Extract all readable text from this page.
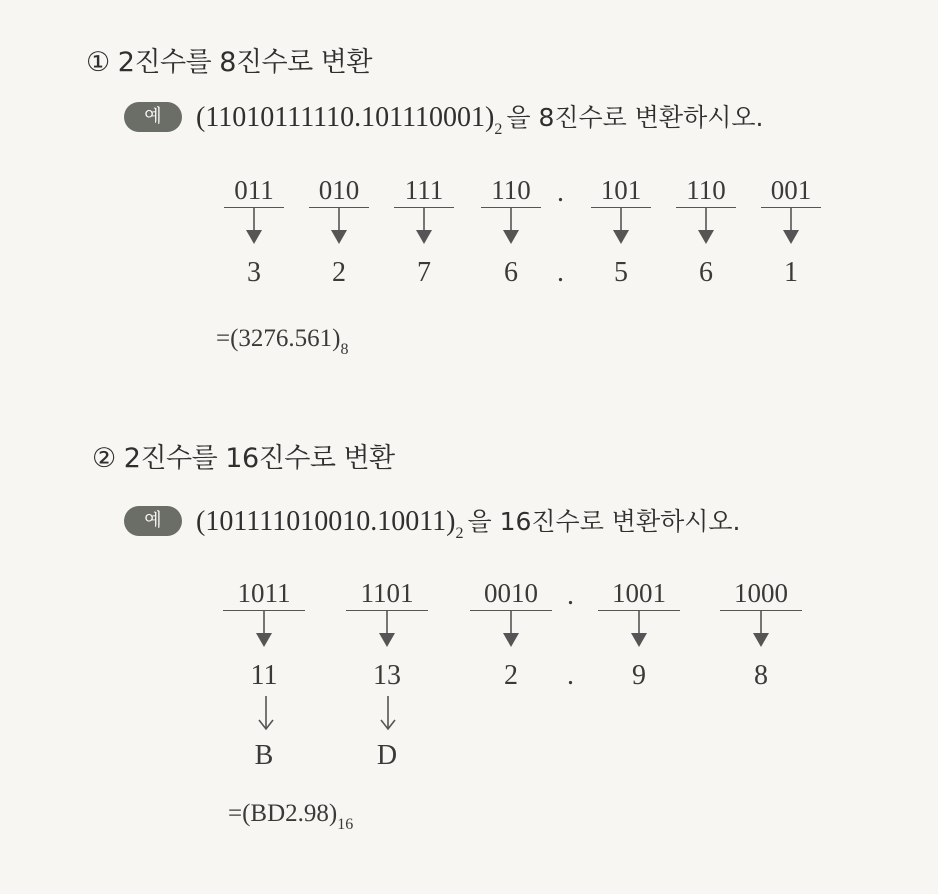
① 2진수를 8진수로 변환
예 $(11010111110.101110001)_2$ 을 8진수로 변환하시오.
011	010	111	110 .	101	110	001
3	2	7	6	.	5	6	1
$=(3276.561)_8$
② 2진수를 16진수로 변환
예 $(101111010010.10011)_2$ 을 16진수로 변환하시오.
1011	1101	0010	.	1001	1000
11	13	2	.	9	8
B	D
$=(BD2.98)_{16}$
